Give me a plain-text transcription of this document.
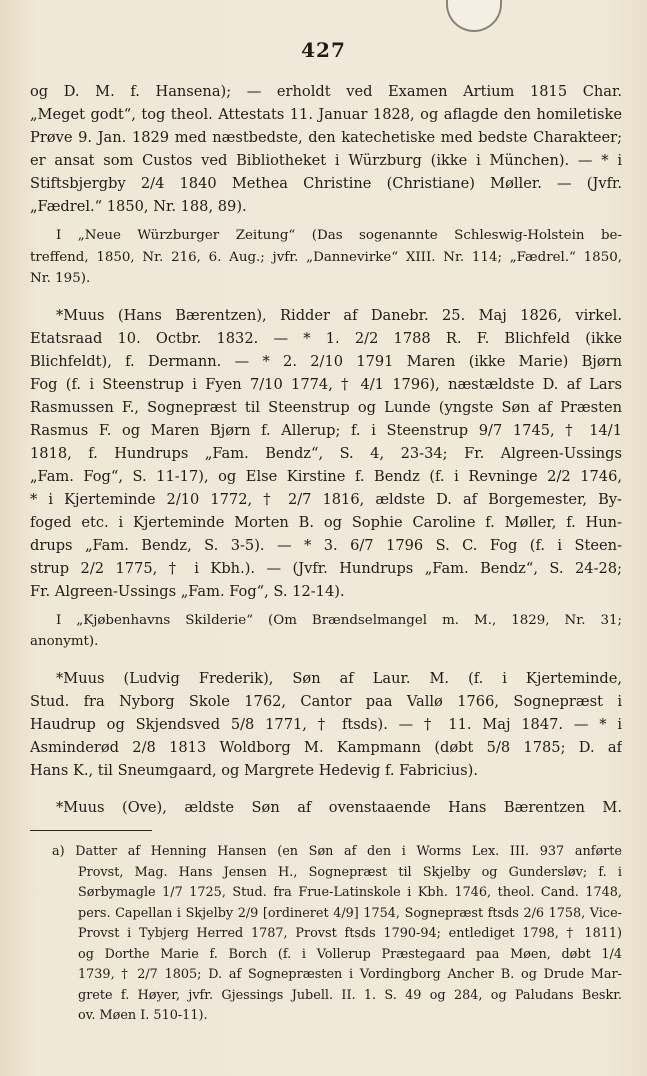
427
og D. M. f. Hansena); — erholdt ved Examen Artium 1815 Char.
„Meget godt“, tog theol. Attestats 11. Januar 1828, og aflagde den homiletiske
Prøve 9. Jan. 1829 med næstbedste, den katechetiske med bedste Charakteer;
er ansat som Custos ved Bibliotheket i Würzburg (ikke i München). — * i
Stiftsbjergby 2/4 1840 Methea Christine (Christiane) Møller. — (Jvfr.
„Fædrel.“ 1850, Nr. 188, 89).
I „Neue Würzburger Zeitung“ (Das sogenannte Schleswig-Holstein be-
treffend, 1850, Nr. 216, 6. Aug.; jvfr. „Dannevirke“ XIII. Nr. 114; „Fædrel.“ 1850,
Nr. 195).
*Muus (Hans Bærentzen), Ridder af Danebr. 25. Maj 1826, virkel.
Etatsraad 10. Octbr. 1832. — * 1. 2/2 1788 R. F. Blichfeld (ikke
Blichfeldt), f. Dermann. — * 2. 2/10 1791 Maren (ikke Marie) Bjørn
Fog (f. i Steenstrup i Fyen 7/10 1774, † 4/1 1796), næstældste D. af Lars
Rasmussen F., Sognepræst til Steenstrup og Lunde (yngste Søn af Præsten
Rasmus F. og Maren Bjørn f. Allerup; f. i Steenstrup 9/7 1745, † 14/1
1818, f. Hundrups „Fam. Bendz“, S. 4, 23-34; Fr. Algreen-Ussings
„Fam. Fog“, S. 11-17), og Else Kirstine f. Bendz (f. i Revninge 2/2 1746,
* i Kjerteminde 2/10 1772, † 2/7 1816, ældste D. af Borgemester, By-
foged etc. i Kjerteminde Morten B. og Sophie Caroline f. Møller, f. Hun-
drups „Fam. Bendz, S. 3-5). — * 3. 6/7 1796 S. C. Fog (f. i Steen-
strup 2/2 1775, † i Kbh.). — (Jvfr. Hundrups „Fam. Bendz“, S. 24-28;
Fr. Algreen-Ussings „Fam. Fog“, S. 12-14).
I „Kjøbenhavns Skilderie“ (Om Brændselmangel m. M., 1829, Nr. 31;
anonymt).
*Muus (Ludvig Frederik), Søn af Laur. M. (f. i Kjerteminde,
Stud. fra Nyborg Skole 1762, Cantor paa Vallø 1766, Sognepræst i
Haudrup og Skjendsved 5/8 1771, † ftsds). — † 11. Maj 1847. — * i
Asminderød 2/8 1813 Woldborg M. Kampmann (døbt 5/8 1785; D. af
Hans K., til Sneumgaard, og Margrete Hedevig f. Fabricius).
*Muus (Ove), ældste Søn af ovenstaaende Hans Bærentzen M.
a) Datter af Henning Hansen (en Søn af den i Worms Lex. III. 937 anførte
Provst, Mag. Hans Jensen H., Sognepræst til Skjelby og Gundersløv; f. i
Sørbymagle 1/7 1725, Stud. fra Frue-Latinskole i Kbh. 1746, theol. Cand. 1748,
pers. Capellan i Skjelby 2/9 [ordineret 4/9] 1754, Sognepræst ftsds 2/6 1758, Vice-
Provst i Tybjerg Herred 1787, Provst ftsds 1790-94; entlediget 1798, † 1811)
og Dorthe Marie f. Borch (f. i Vollerup Præstegaard paa Møen, døbt 1/4
1739, † 2/7 1805; D. af Sognepræsten i Vordingborg Ancher B. og Drude Mar-
grete f. Høyer, jvfr. Gjessings Jubell. II. 1. S. 49 og 284, og Paludans Beskr.
ov. Møen I. 510-11).
